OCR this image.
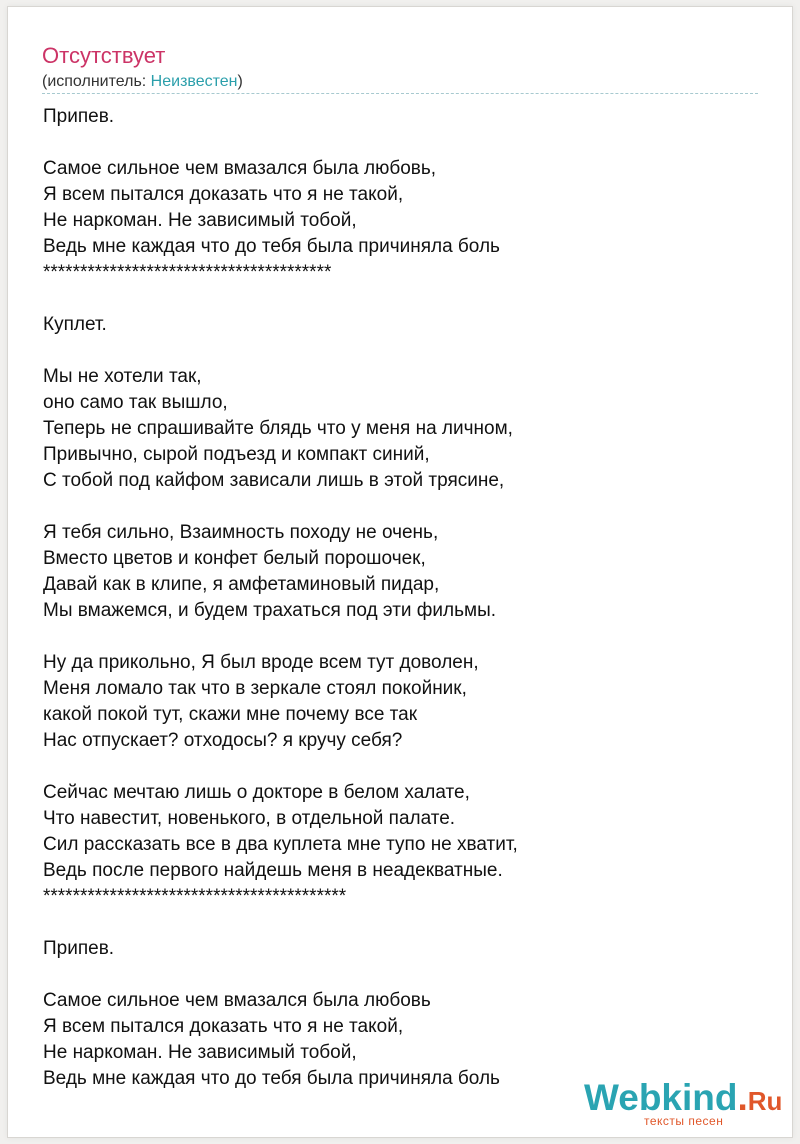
Отсутствует
(исполнитель: Неизвестен)
Припев.
Самое сильное чем вмазался была любовь,
Я всем пытался доказать что я не такой,
Не наркоман. Не зависимый тобой,
Ведь мне каждая что до тебя была причиняла боль
***************************************
Куплет.
Мы не хотели так,
оно само так вышло,
Теперь не спрашивайте блядь что у меня на личном,
Привычно, сырой подъезд и компакт синий,
С тобой под кайфом зависали лишь в этой трясине,
Я тебя сильно, Взаимность походу не очень,
Вместо цветов и конфет белый порошочек,
Давай как в клипе, я амфетаминовый пидар,
Мы вмажемся, и будем трахаться под эти фильмы.
Ну да прикольно, Я был вроде всем тут доволен,
Меня ломало так что в зеркале стоял покойник,
какой покой тут, скажи мне почему все так
Нас отпускает? отходосы? я кручу себя?
Сейчас мечтаю лишь о докторе в белом халате,
Что навестит, новенького, в отдельной палате.
Сил рассказать все в два куплета мне тупо не хватит,
Ведь после первого найдешь меня в неадекватные.
*****************************************
Припев.
Самое сильное чем вмазался была любовь
Я всем пытался доказать что я не такой,
Не наркоман. Не зависимый тобой,
Ведь мне каждая что до тебя была причиняла боль	Webkind.Ru
тексты песен
